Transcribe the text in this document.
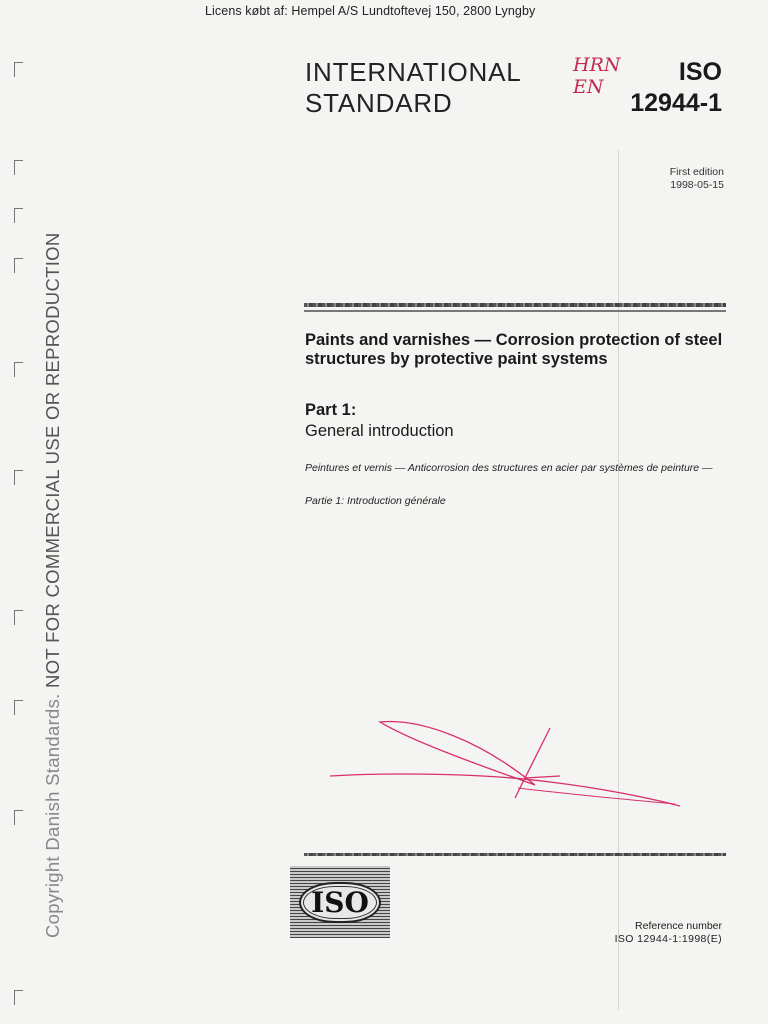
Licens købt af: Hempel A/S Lundtoftevej 150, 2800 Lyngby
Copyright Danish Standards. NOT FOR COMMERCIAL USE OR REPRODUCTION
INTERNATIONAL
STANDARD
HRN EN
ISO
12944-1
First edition
1998-05-15
Paints and varnishes — Corrosion protection of steel structures by protective paint systems
Part 1:
General introduction
Peintures et vernis — Anticorrosion des structures en acier par systèmes de peinture —
Partie 1: Introduction générale
ISO
Reference number
ISO 12944-1:1998(E)
